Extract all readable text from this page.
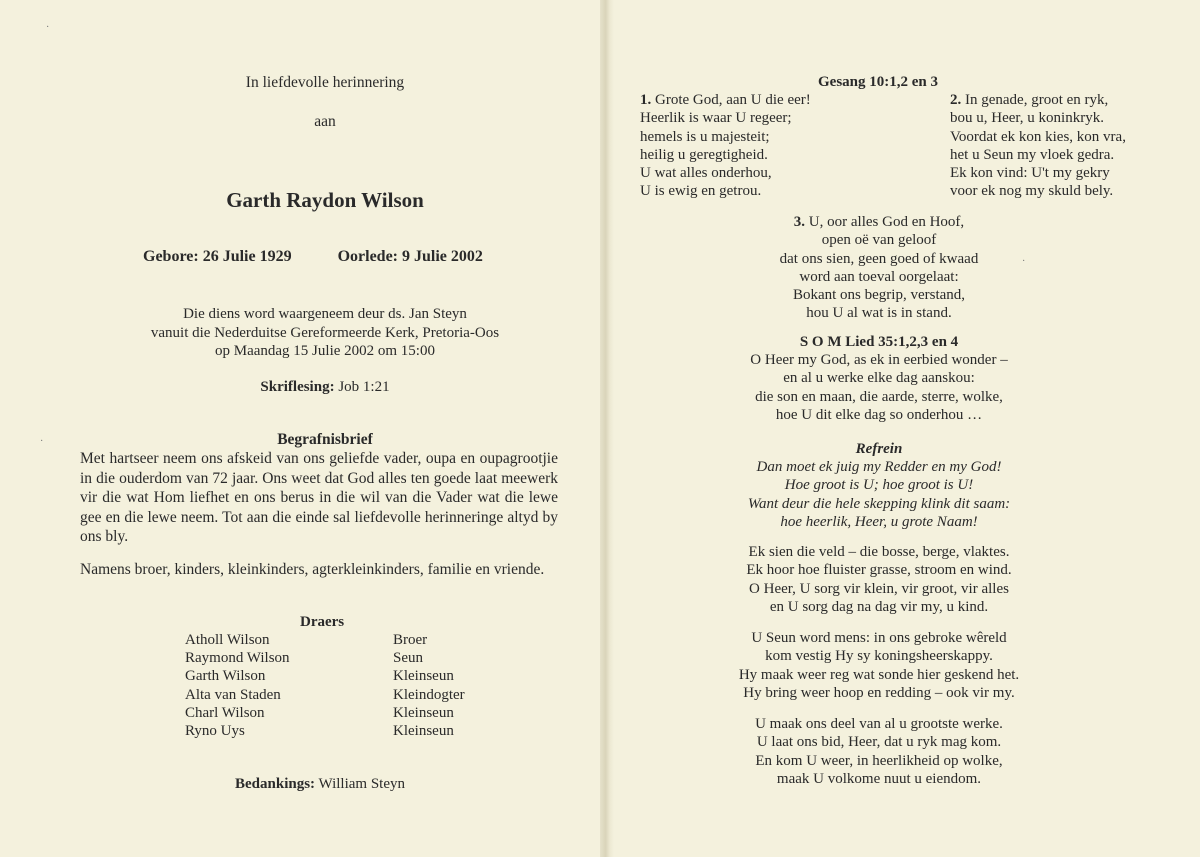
In liefdevolle herinnering
aan
Garth Raydon Wilson
Gebore: 26 Julie 1929	Oorlede: 9 Julie 2002
Die diens word waargeneem deur ds. Jan Steyn
vanuit die Nederduitse Gereformeerde Kerk, Pretoria-Oos
op Maandag 15 Julie 2002 om 15:00
Skriflesing: Job 1:21
Begrafnisbrief
Met hartseer neem ons afskeid van ons geliefde vader, oupa en oupagrootjie in die ouderdom van 72 jaar. Ons weet dat God alles ten goede laat meewerk vir die wat Hom liefhet en ons berus in die wil van die Vader wat die lewe gee en die lewe neem. Tot aan die einde sal liefdevolle herinneringe altyd by ons bly.
Namens broer, kinders, kleinkinders, agterkleinkinders, familie en vriende.
Draers
Atholl Wilson	Broer
Raymond Wilson	Seun
Garth Wilson	Kleinseun
Alta van Staden	Kleindogter
Charl Wilson	Kleinseun
Ryno Uys	Kleinseun
Bedankings: William Steyn
·
·
Gesang 10:1,2 en 3
1. Grote God, aan U die eer!
Heerlik is waar U regeer;
hemels is u majesteit;
heilig u geregtigheid.
U wat alles onderhou,
U is ewig en getrou.
2. In genade, groot en ryk,
bou u, Heer, u koninkryk.
Voordat ek kon kies, kon vra,
het u Seun my vloek gedra.
Ek kon vind: U't my gekry
voor ek nog my skuld bely.
3. U, oor alles God en Hoof,
open oë van geloof
dat ons sien, geen goed of kwaad
word aan toeval oorgelaat:
Bokant ons begrip, verstand,
hou U al wat is in stand.
S O M Lied 35:1,2,3 en 4
O Heer my God, as ek in eerbied wonder –
en al u werke elke dag aanskou:
die son en maan, die aarde, sterre, wolke,
hoe U dit elke dag so onderhou …
Refrein
Dan moet ek juig my Redder en my God!
Hoe groot is U; hoe groot is U!
Want deur die hele skepping klink dit saam:
hoe heerlik, Heer, u grote Naam!
Ek sien die veld – die bosse, berge, vlaktes.
Ek hoor hoe fluister grasse, stroom en wind.
O Heer, U sorg vir klein, vir groot, vir alles
en U sorg dag na dag vir my, u kind.
U Seun word mens: in ons gebroke wêreld
kom vestig Hy sy koningsheerskappy.
Hy maak weer reg wat sonde hier geskend het.
Hy bring weer hoop en redding – ook vir my.
U maak ons deel van al u grootste werke.
U laat ons bid, Heer, dat u ryk mag kom.
En kom U weer, in heerlikheid op wolke,
maak U volkome nuut u eiendom.
·
